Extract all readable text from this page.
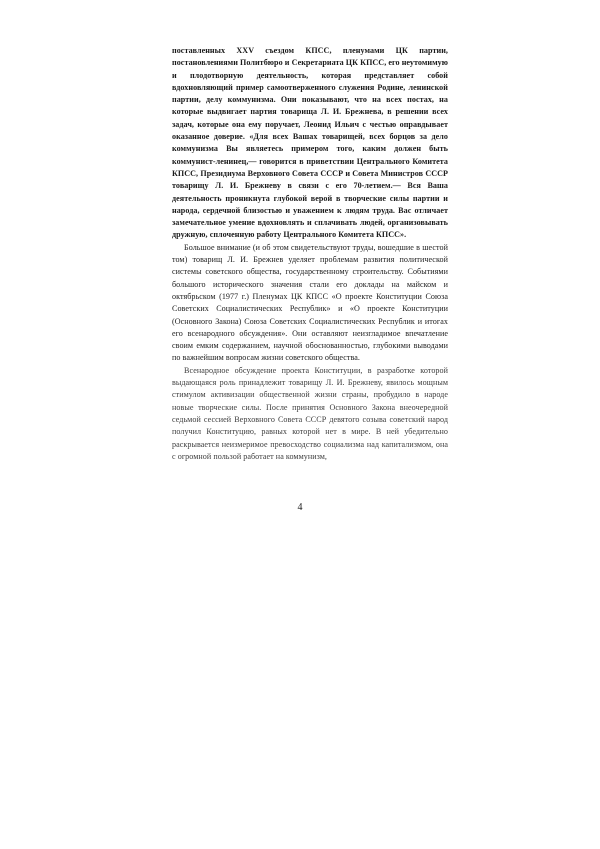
поставленных XXV съездом КПСС, пленумами ЦК партии, постановлениями Политбюро и Секретариата ЦК КПСС, его неутомимую и плодотворную деятельность, которая представляет собой вдохновляющий пример самоотверженного служения Родине, ленинской партии, делу коммунизма. Они показывают, что на всех постах, на которые выдвигает партия товарища Л. И. Брежнева, в решении всех задач, которые она ему поручает, Леонид Ильич с честью оправдывает оказанное доверие. «Для всех Вашах товарищей, всех борцов за дело коммунизма Вы являетесь примером того, каким должен быть коммунист-ленинец,— говорится в приветствии Центрального Комитета КПСС, Президиума Верховного Совета СССР и Совета Министров СССР товарищу Л. И. Брежневу в связи с его 70-летием.— Вся Ваша деятельность проникнута глубокой верой в творческие силы партии и народа, сердечной близостью и уважением к людям труда. Вас отличает замечательное умение вдохновлять и сплачивать людей, организовывать дружную, сплоченную работу Центрального Комитета КПСС».

Большое внимание (и об этом свидетельствуют труды, вошедшие в шестой том) товарищ Л. И. Брежнев уделяет проблемам развития политической системы советского общества, государственному строительству. Событиями большого исторического значения стали его доклады на майском и октябрьском (1977 г.) Пленумах ЦК КПСС «О проекте Конституции Союза Советских Социалистических Республик» и «О проекте Конституции (Основного Закона) Союза Советских Социалистических Республик и итогах его всенародного обсуждения». Они оставляют неизгладимое впечатление своим емким содержанием, научной обоснованностью, глубокими выводами по важнейшим вопросам жизни советского общества.

Всенародное обсуждение проекта Конституции, в разработке которой выдающаяся роль принадлежит товарищу Л. И. Брежневу, явилось мощным стимулом активизации общественной жизни страны, пробудило в народе новые творческие силы. После принятия Основного Закона внеочередной седьмой сессией Верховного Совета СССР девятого созыва советский народ получил Конституцию, равных которой нет в мире. В ней убедительно раскрывается неизмеримое превосходство социализма над капитализмом, она с огромной пользой работает на коммунизм,

4
